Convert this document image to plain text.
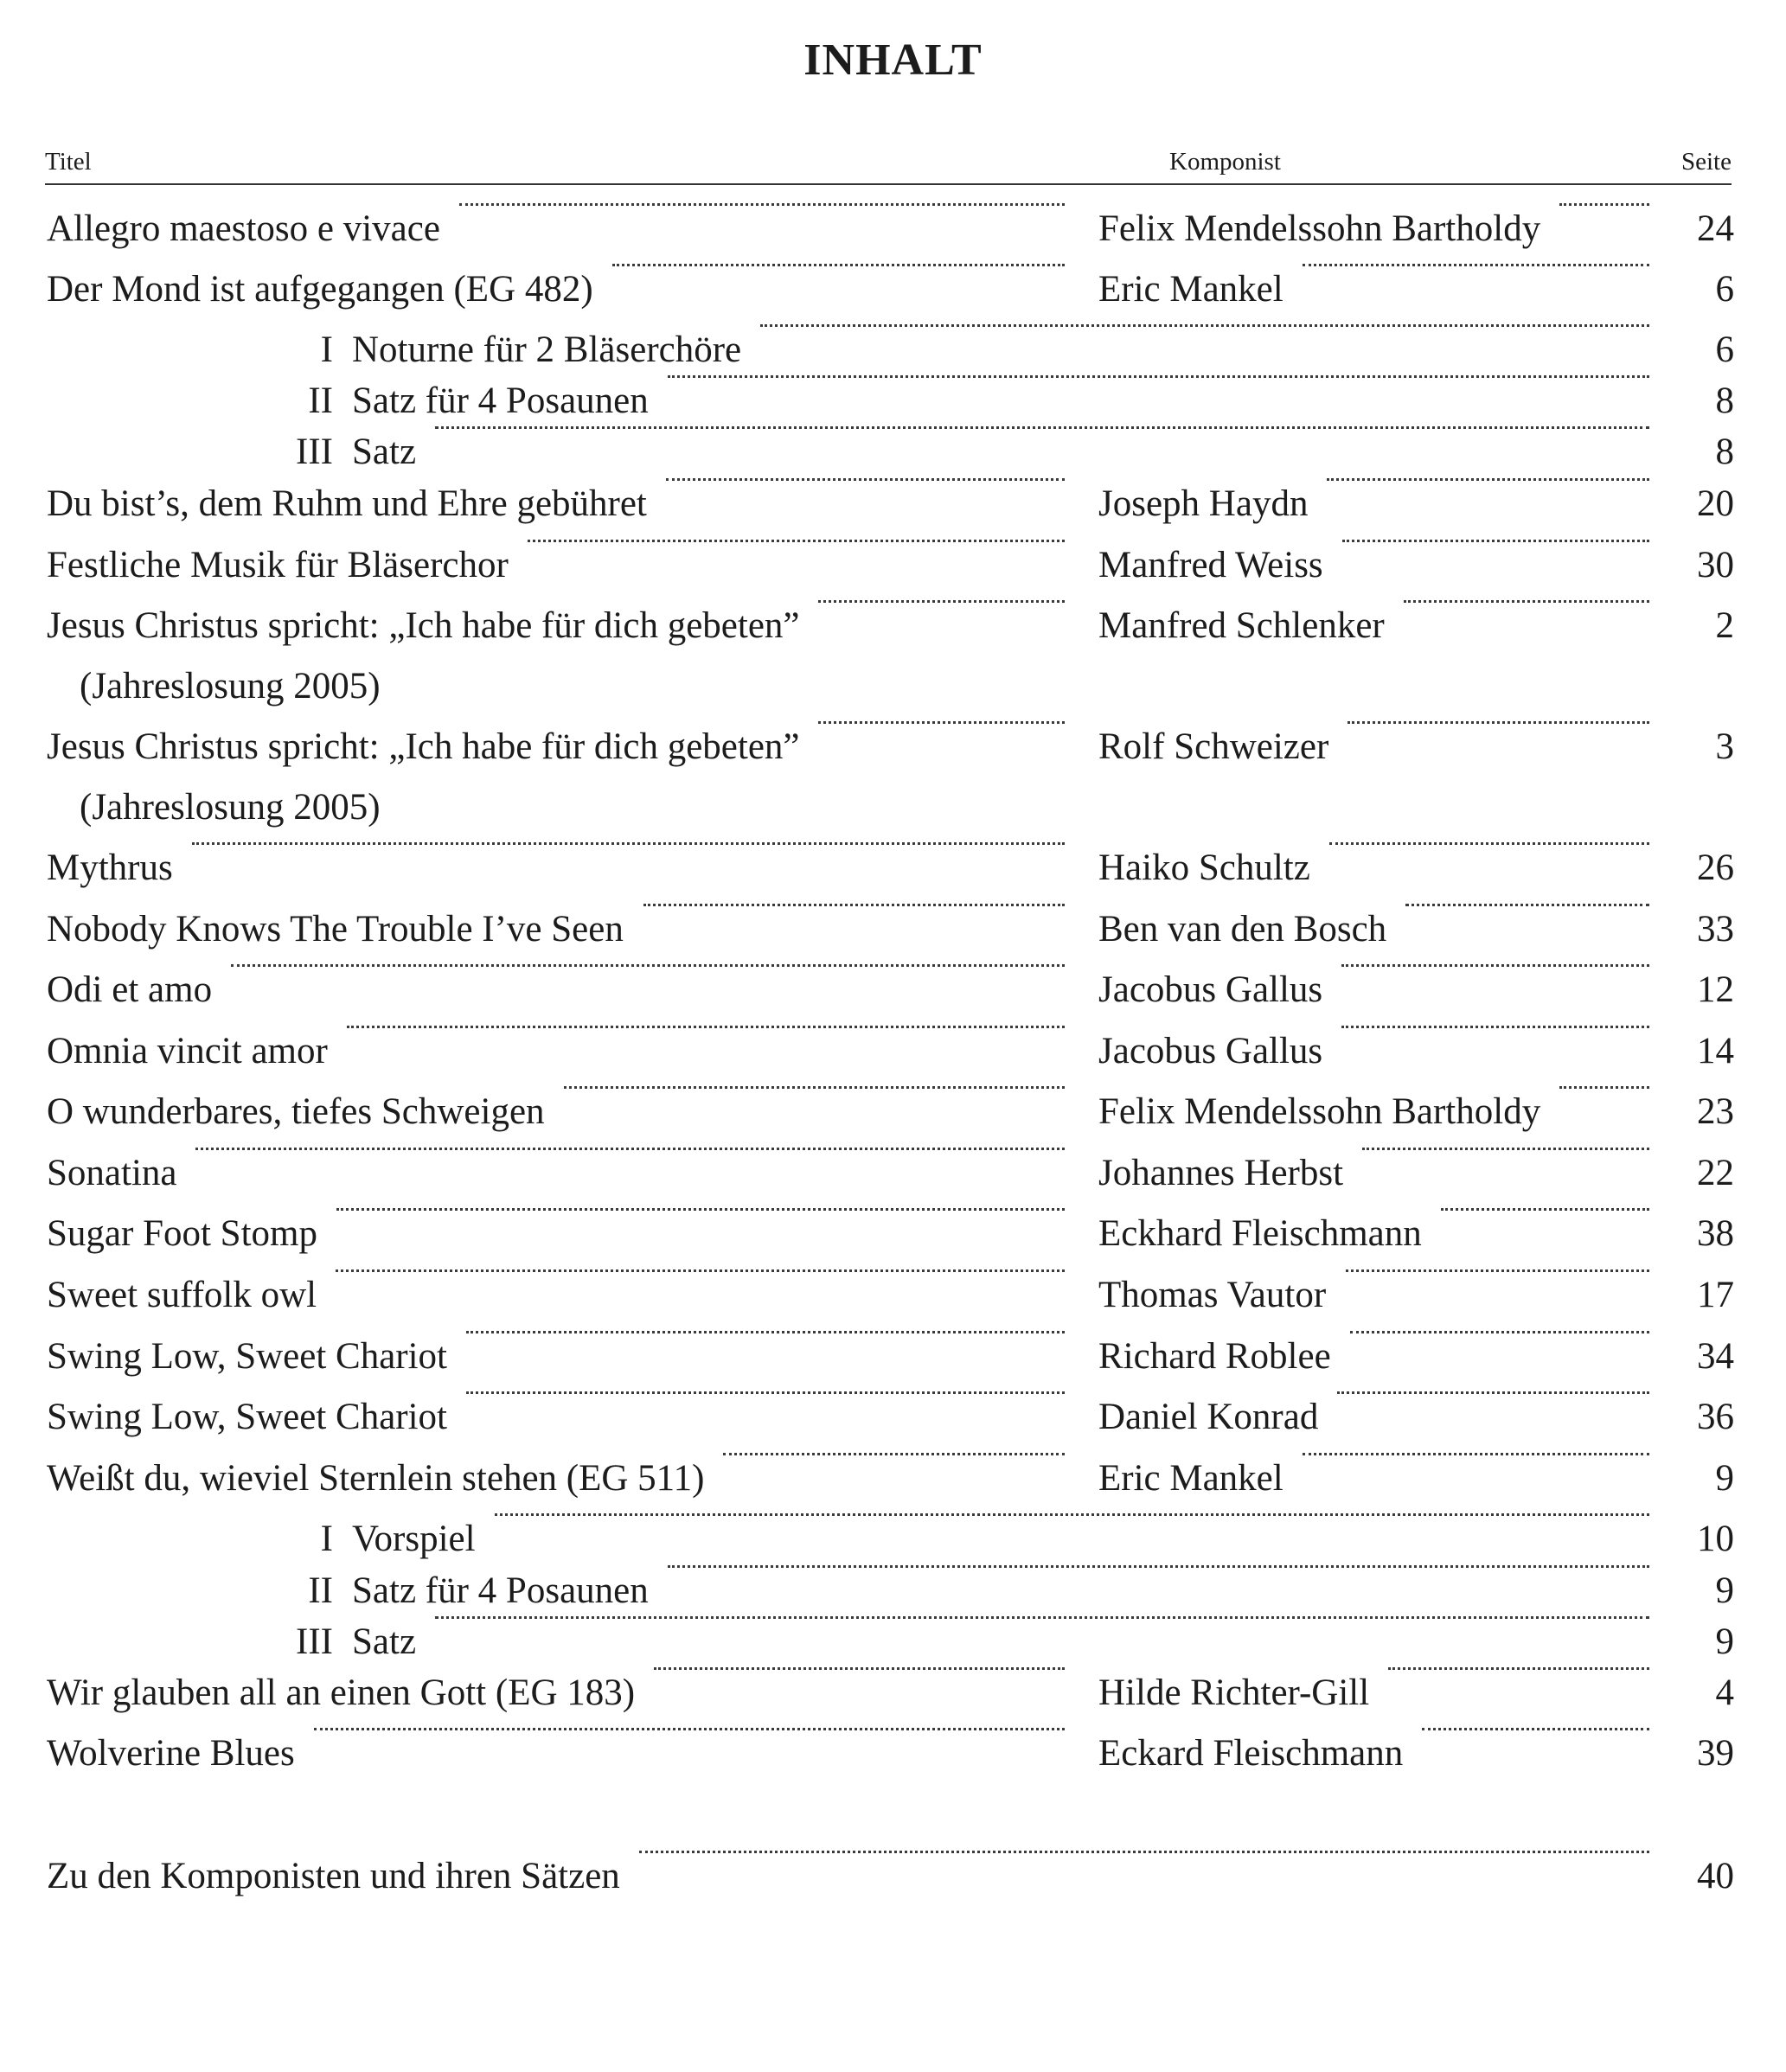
INHALT
Titel	Komponist	Seite
Allegro maestoso e vivace	Felix Mendelssohn Bartholdy	24
Der Mond ist aufgegangen (EG 482)	Eric Mankel	6
I Noturne für 2 Bläserchöre	6
II Satz für 4 Posaunen	8
III Satz	8
Du bist’s, dem Ruhm und Ehre gebühret	Joseph Haydn	20
Festliche Musik für Bläserchor	Manfred Weiss	30
Jesus Christus spricht: „Ich habe für dich gebeten”	Manfred Schlenker	2
(Jahreslosung 2005)
Jesus Christus spricht: „Ich habe für dich gebeten”	Rolf Schweizer	3
(Jahreslosung 2005)
Mythrus	Haiko Schultz	26
Nobody Knows The Trouble I’ve Seen	Ben van den Bosch	33
Odi et amo	Jacobus Gallus	12
Omnia vincit amor	Jacobus Gallus	14
O wunderbares, tiefes Schweigen	Felix Mendelssohn Bartholdy	23
Sonatina	Johannes Herbst	22
Sugar Foot Stomp	Eckhard Fleischmann	38
Sweet suffolk owl	Thomas Vautor	17
Swing Low, Sweet Chariot	Richard Roblee	34
Swing Low, Sweet Chariot	Daniel Konrad	36
Weißt du, wieviel Sternlein stehen (EG 511)	Eric Mankel	9
I Vorspiel	10
II Satz für 4 Posaunen	9
III Satz	9
Wir glauben all an einen Gott (EG 183)	Hilde Richter-Gill	4
Wolverine Blues	Eckard Fleischmann	39
Zu den Komponisten und ihren Sätzen	40
